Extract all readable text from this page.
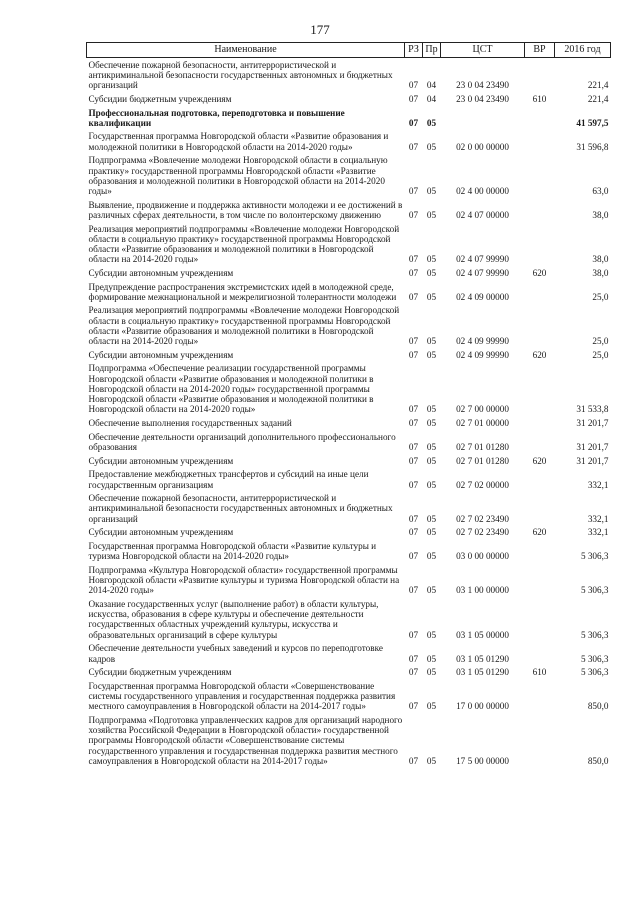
177
Наименование	РЗ	Пр	ЦСТ	ВР	2016 год
Обеспечение пожарной безопасности, антитеррористической и антикриминальной безопасности государственных автономных и бюджетных организаций	07	04	23 0 04 23490		221,4
Субсидии бюджетным учреждениям	07	04	23 0 04 23490	610	221,4
Профессиональная подготовка, переподготовка и повышение квалификации	07	05			41 597,5
Государственная программа Новгородской области «Развитие образования и молодежной политики в Новгородской области на 2014-2020 годы»	07	05	02 0 00 00000		31 596,8
Подпрограмма «Вовлечение молодежи Новгородской области в социальную практику» государственной программы Новгородской области «Развитие образования и молодежной политики в Новгородской области на 2014-2020 годы»	07	05	02 4 00 00000		63,0
Выявление, продвижение и поддержка активности молодежи и ее достижений в различных сферах деятельности, в том числе по волонтерскому движению	07	05	02 4 07 00000		38,0
Реализация мероприятий подпрограммы «Вовлечение молодежи Новгородской области в социальную практику» государственной программы Новгородской области «Развитие образования и молодежной политики в Новгородской области на 2014-2020 годы»	07	05	02 4 07 99990		38,0
Субсидии автономным учреждениям	07	05	02 4 07 99990	620	38,0
Предупреждение распространения экстремистских идей в молодежной среде, формирование межнациональной и межрелигиозной толерантности молодежи	07	05	02 4 09 00000		25,0
Реализация мероприятий подпрограммы «Вовлечение молодежи Новгородской области в социальную практику» государственной программы Новгородской области «Развитие образования и молодежной политики в Новгородской области на 2014-2020 годы»	07	05	02 4 09 99990		25,0
Субсидии автономным учреждениям	07	05	02 4 09 99990	620	25,0
Подпрограмма «Обеспечение реализации государственной программы Новгородской области «Развитие образования и молодежной политики в Новгородской области на 2014-2020 годы» государственной программы Новгородской области «Развитие образования и молодежной политики в Новгородской области на 2014-2020 годы»	07	05	02 7 00 00000		31 533,8
Обеспечение выполнения государственных заданий	07	05	02 7 01 00000		31 201,7
Обеспечение деятельности организаций дополнительного профессионального образования	07	05	02 7 01 01280		31 201,7
Субсидии автономным учреждениям	07	05	02 7 01 01280	620	31 201,7
Предоставление межбюджетных трансфертов и субсидий на иные цели государственным организациям	07	05	02 7 02 00000		332,1
Обеспечение пожарной безопасности, антитеррористической и антикриминальной безопасности государственных автономных и бюджетных организаций	07	05	02 7 02 23490		332,1
Субсидии автономным учреждениям	07	05	02 7 02 23490	620	332,1
Государственная программа Новгородской области «Развитие культуры и туризма Новгородской области на 2014-2020 годы»	07	05	03 0 00 00000		5 306,3
Подпрограмма «Культура Новгородской области» государственной программы Новгородской области «Развитие культуры и туризма Новгородской области на 2014-2020 годы»	07	05	03 1 00 00000		5 306,3
Оказание государственных услуг (выполнение работ) в области культуры, искусства, образования в сфере культуры и обеспечение деятельности государственных областных учреждений культуры, искусства и образовательных организаций в сфере культуры	07	05	03 1 05 00000		5 306,3
Обеспечение деятельности учебных заведений и курсов по переподготовке кадров	07	05	03 1 05 01290		5 306,3
Субсидии бюджетным учреждениям	07	05	03 1 05 01290	610	5 306,3
Государственная программа Новгородской области «Совершенствование системы государственного управления и государственная поддержка развития местного самоуправления в Новгородской области на 2014-2017 годы»	07	05	17 0 00 00000		850,0
Подпрограмма «Подготовка управленческих кадров для организаций народного хозяйства Российской Федерации в Новгородской области» государственной программы Новгородской области «Совершенствование системы государственного управления и государственная поддержка развития местного самоуправления в Новгородской области на 2014-2017 годы»	07	05	17 5 00 00000		850,0
